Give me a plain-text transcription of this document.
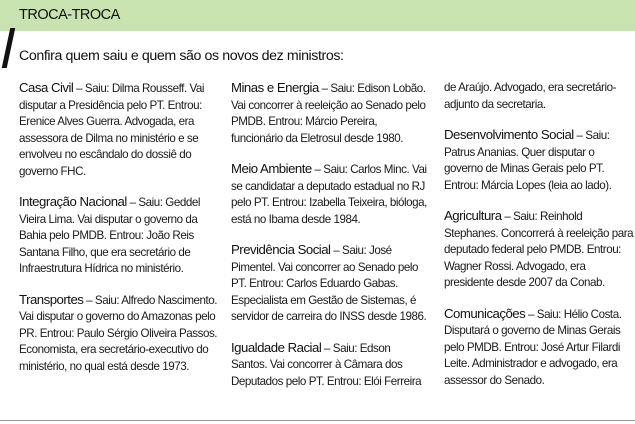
TROCA-TROCA
Confira quem saiu e quem são os novos dez ministros:
Casa Civil – Saiu: Dilma Rousseff. Vai disputar a Presidência pelo PT. Entrou: Erenice Alves Guerra. Advogada, era assessora de Dilma no ministério e se envolveu no escândalo do dossiê do governo FHC.
Integração Nacional – Saiu: Geddel Vieira Lima. Vai disputar o governo da Bahia pelo PMDB. Entrou: João Reis Santana Filho, que era secretário de Infraestrutura Hídrica no ministério.
Transportes – Saiu: Alfredo Nascimento. Vai disputar o governo do Amazonas pelo PR. Entrou: Paulo Sérgio Oliveira Passos. Economista, era secretário-executivo do ministério, no qual está desde 1973.
Minas e Energia – Saiu: Edison Lobão. Vai concorrer à reeleição ao Senado pelo PMDB. Entrou: Márcio Pereira, funcionário da Eletrosul desde 1980.
Meio Ambiente – Saiu: Carlos Minc. Vai se candidatar a deputado estadual no RJ pelo PT. Entrou: Izabella Teixeira, bióloga, está no Ibama desde 1984.
Previdência Social – Saiu: José Pimentel. Vai concorrer ao Senado pelo PT. Entrou: Carlos Eduardo Gabas. Especialista em Gestão de Sistemas, é servidor de carreira do INSS desde 1986.
Igualdade Racial – Saiu: Edson Santos. Vai concorrer à Câmara dos Deputados pelo PT. Entrou: Elói Ferreira
de Araújo. Advogado, era secretário-adjunto da secretaria.
Desenvolvimento Social – Saiu: Patrus Ananias. Quer disputar o governo de Minas Gerais pelo PT. Entrou: Márcia Lopes (leia ao lado).
Agricultura – Saiu: Reinhold Stephanes. Concorrerá à reeleição para deputado federal pelo PMDB. Entrou: Wagner Rossi. Advogado, era presidente desde 2007 da Conab.
Comunicações – Saiu: Hélio Costa. Disputará o governo de Minas Gerais pelo PMDB. Entrou: José Artur Filardi Leite. Administrador e advogado, era assessor do Senado.
